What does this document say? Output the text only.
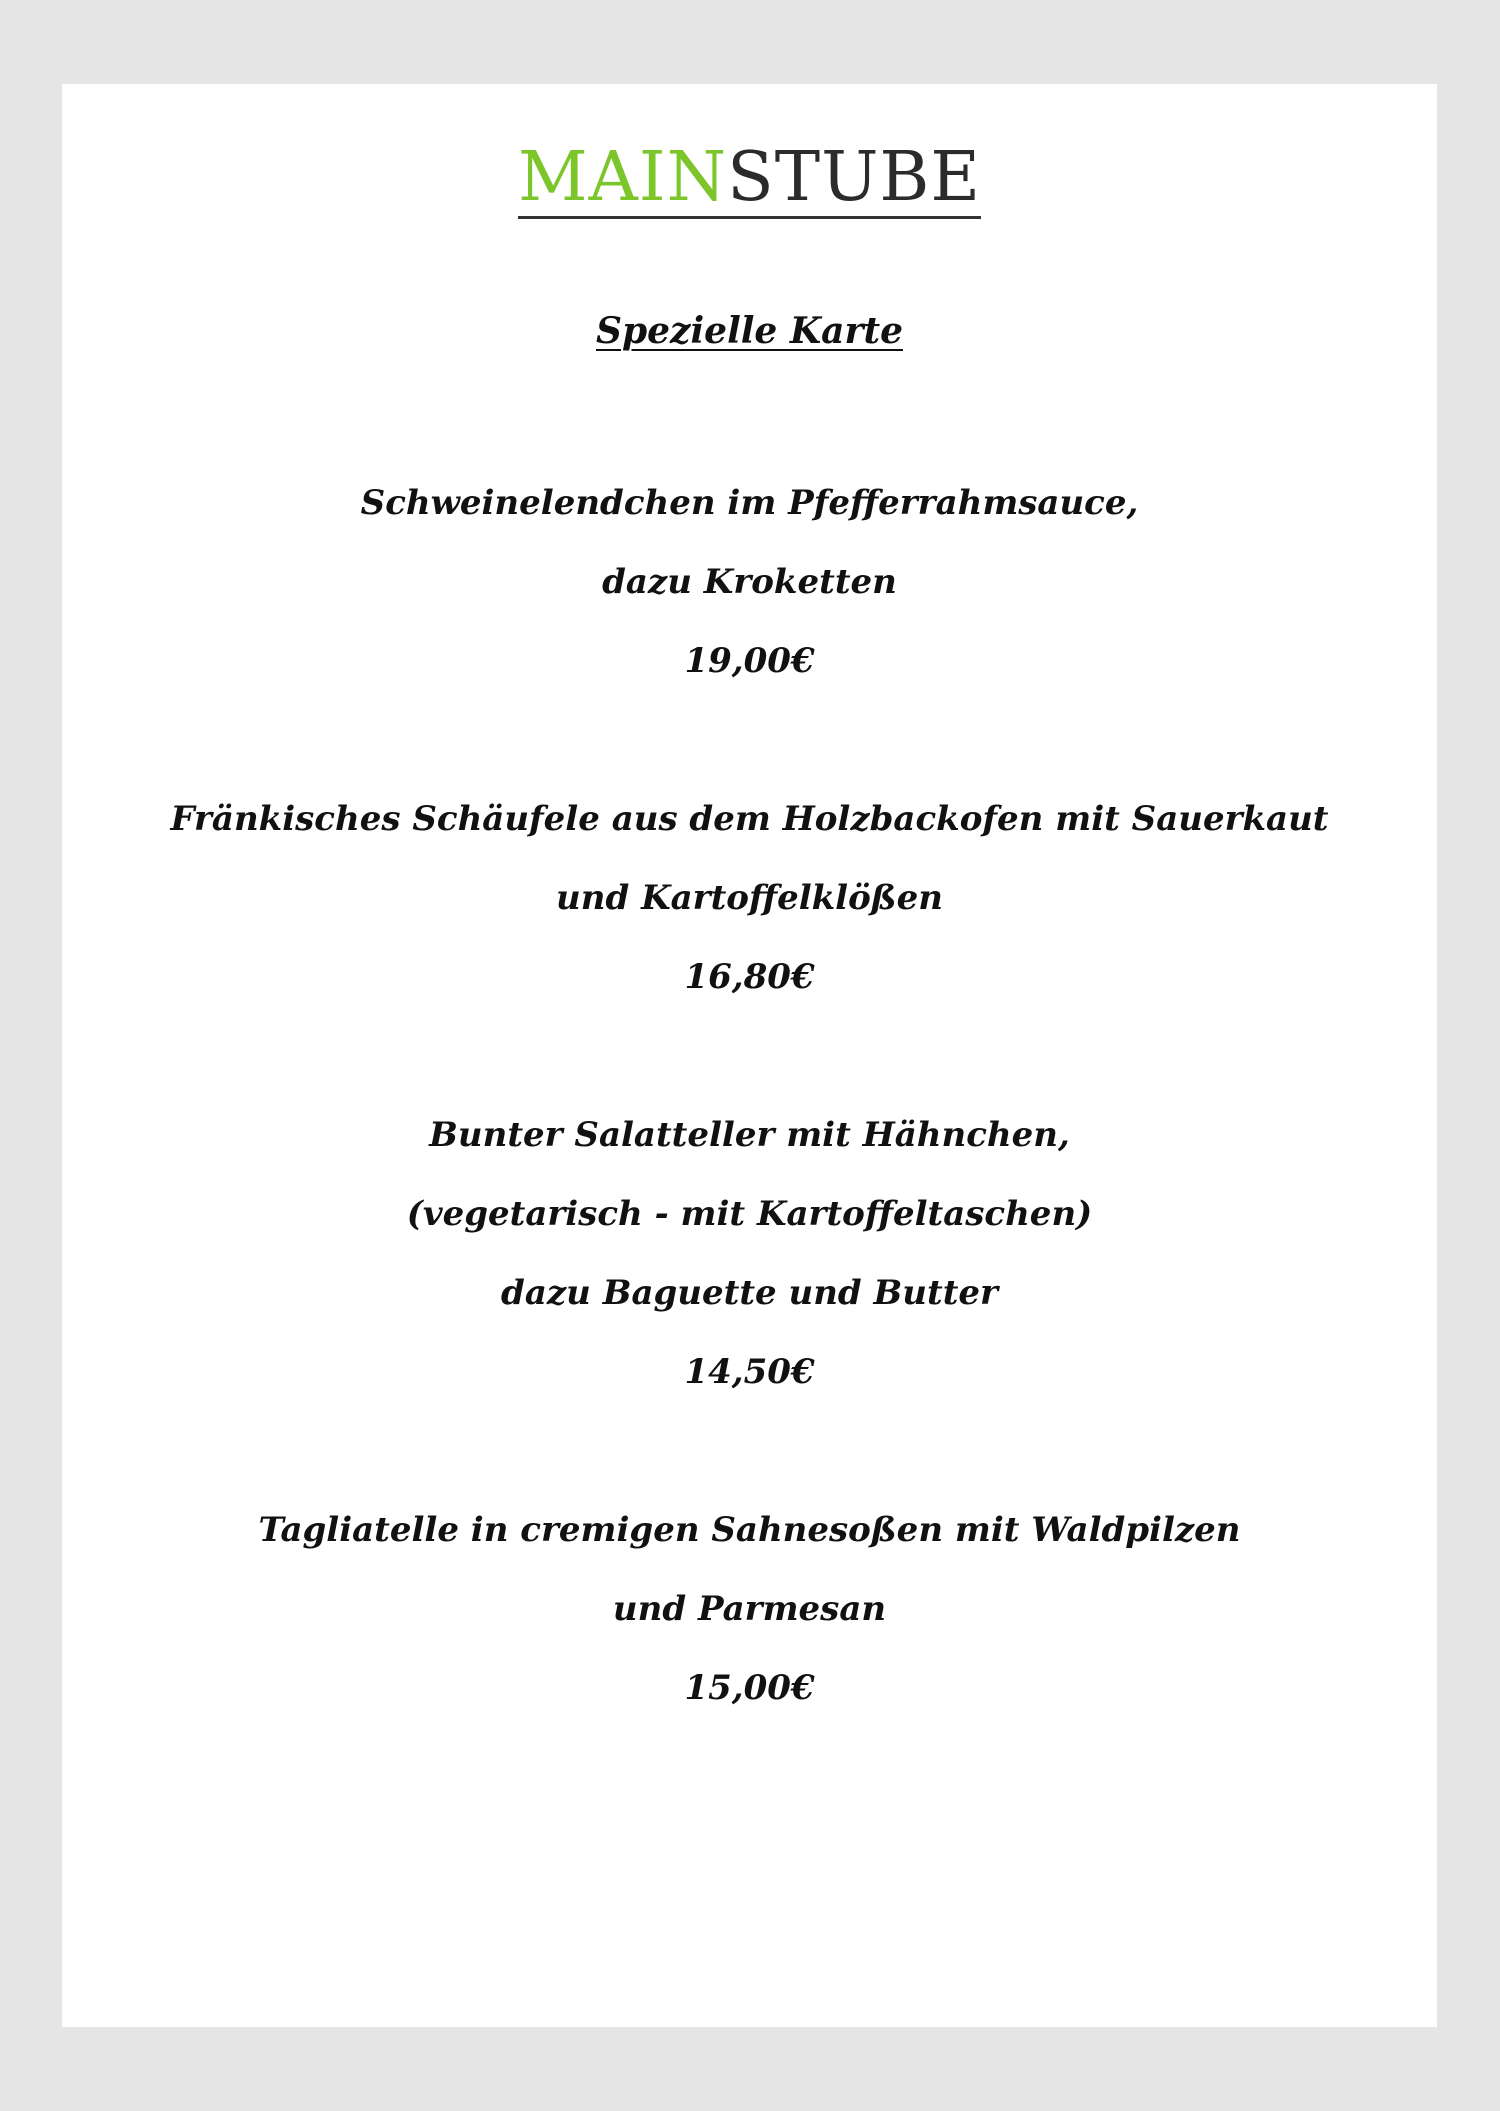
MAINSTUBE
Spezielle Karte
Schweinelendchen im Pfefferrahmsauce,
dazu Kroketten
19,00€
Fränkisches Schäufele aus dem Holzbackofen mit Sauerkaut
und Kartoffelklößen
16,80€
Bunter Salatteller mit Hähnchen,
(vegetarisch - mit Kartoffeltaschen)
dazu Baguette und Butter
14,50€
Tagliatelle in cremigen Sahnesoßen mit Waldpilzen
und Parmesan
15,00€
